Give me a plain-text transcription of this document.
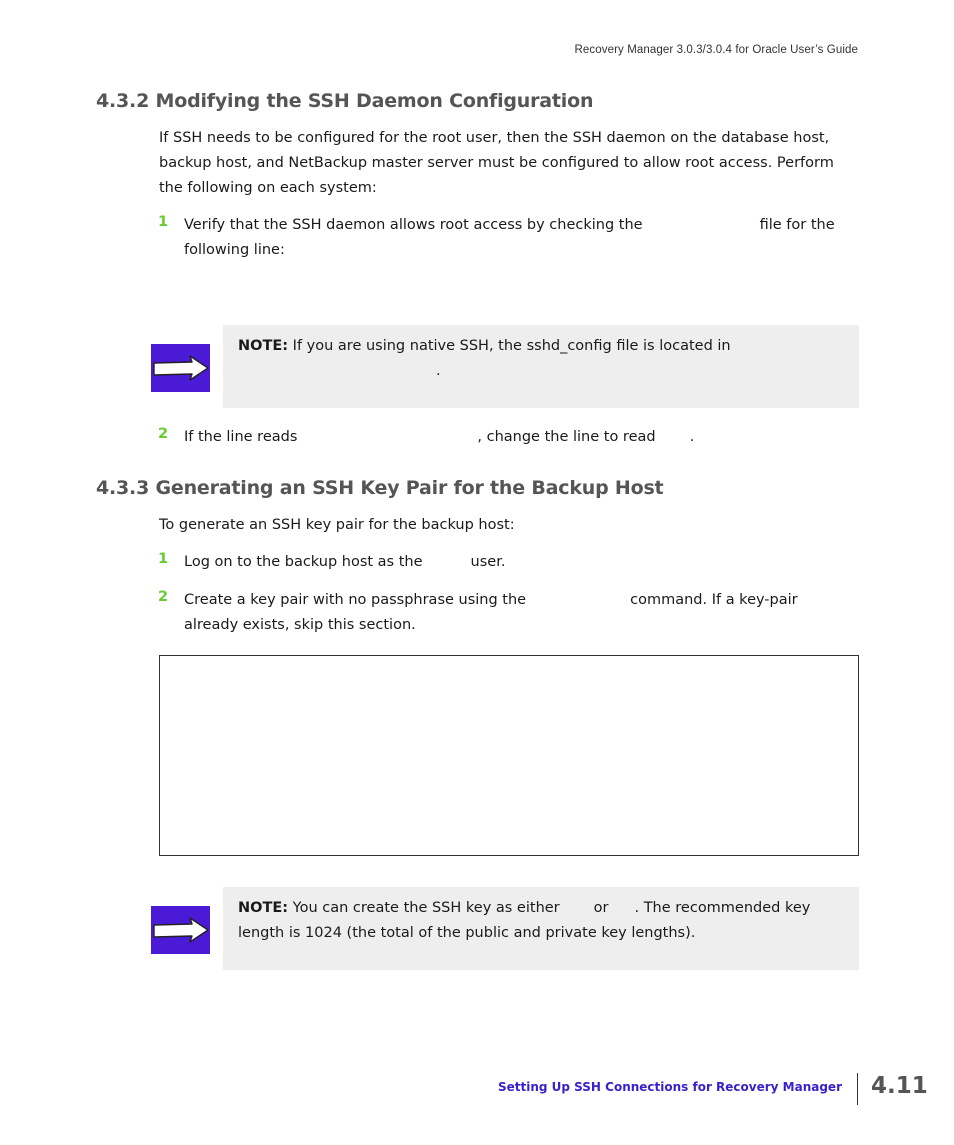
Recovery Manager 3.0.3/3.0.4 for Oracle User’s Guide
4.3.2 Modifying the SSH Daemon Configuration
If SSH needs to be configured for the root user, then the SSH daemon on the database host, backup host, and NetBackup master server must be configured to allow root access. Perform the following on each system:
1 Verify that the SSH daemon allows root access by checking the	file for the
following line:
NOTE: If you are using native SSH, the sshd_config file is located in
.
2 If the line reads	, change the line to read .
4.3.3 Generating an SSH Key Pair for the Backup Host
To generate an SSH key pair for the backup host:
1 Log on to the backup host as the	user.
2 Create a key pair with no passphrase using the	command. If a key-pair
already exists, skip this section.
NOTE: You can create the SSH key as either or . The recommended key
length is 1024 (the total of the public and private key lengths).
Setting Up SSH Connections for Recovery Manager 4.11
